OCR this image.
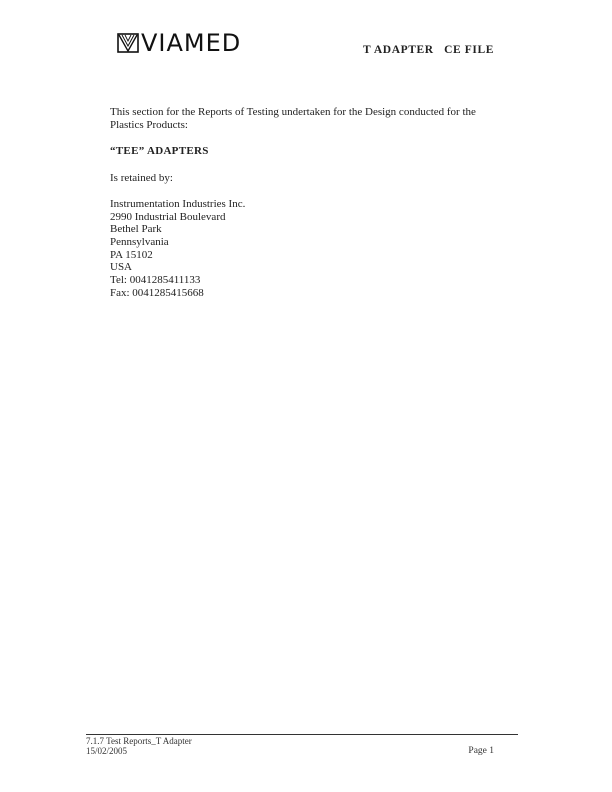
VIAMED	T ADAPTER   CE FILE
This section for the Reports of Testing undertaken for the Design conducted for the Plastics Products:
“TEE” ADAPTERS
Is retained by:
Instrumentation Industries Inc.
2990 Industrial Boulevard
Bethel Park
Pennsylvania
PA 15102
USA
Tel: 0041285411133
Fax: 0041285415668
7.1.7 Test Reports_T Adapter
15/02/2005	Page 1
